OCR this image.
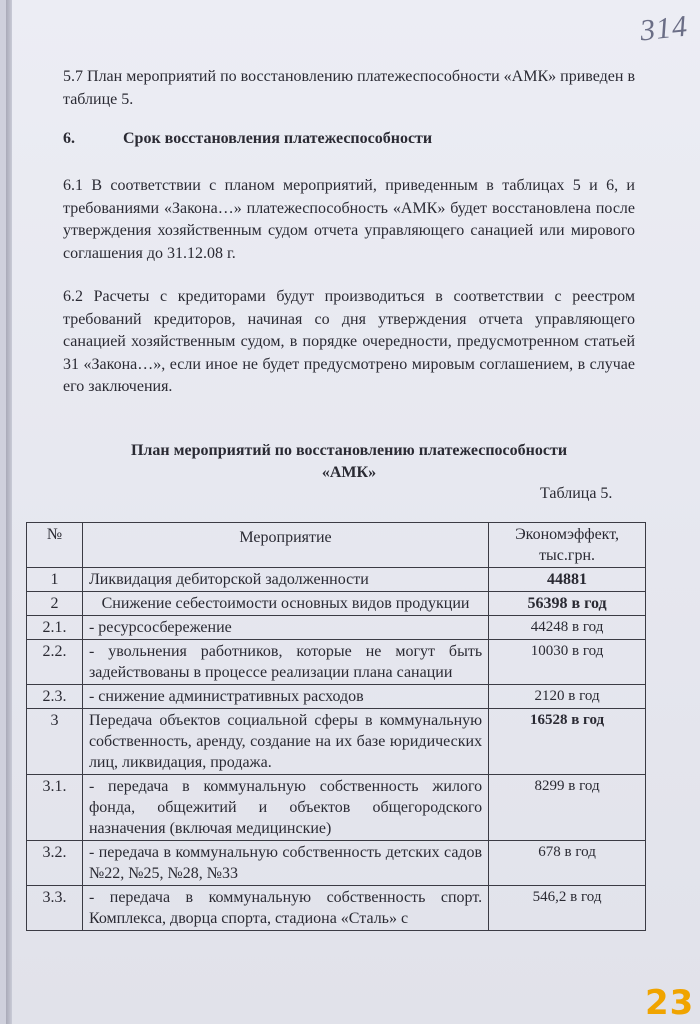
314
5.7 План мероприятий по восстановлению платежеспособности «АМК» приведен в таблице 5.
6.	Срок восстановления платежеспособности
6.1 В соответствии с планом мероприятий, приведенным в таблицах 5 и 6, и требованиями «Закона…» платежеспособность «АМК» будет восстановлена после утверждения хозяйственным судом отчета управляющего санацией или мирового соглашения до 31.12.08 г.
6.2 Расчеты с кредиторами будут производиться в соответствии с реестром требований кредиторов, начиная со дня утверждения отчета управляющего санацией хозяйственным судом, в порядке очередности, предусмотренном статьей 31 «Закона…», если иное не будет предусмотрено мировым соглашением, в случае его заключения.
План мероприятий по восстановлению платежеспособности
«АМК»
Таблица 5.
№	Мероприятие	Экономэффект, тыс.грн.
1	Ликвидация дебиторской задолженности	44881
2	Снижение себестоимости основных видов продукции	56398 в год
2.1.	- ресурсосбережение	44248 в год
2.2.	- увольнения работников, которые не могут быть задействованы в процессе реализации плана санации	10030 в год
2.3.	- снижение административных расходов	2120 в год
3	Передача объектов социальной сферы в коммунальную собственность, аренду, создание на их базе юридических лиц, ликвидация, продажа.	16528 в год
3.1.	- передача в коммунальную собственность жилого фонда, общежитий и объектов общегородского назначения (включая медицинские)	8299 в год
3.2.	- передача в коммунальную собственность детских садов №22, №25, №28, №33	678 в год
3.3.	- передача в коммунальную собственность спорт. Комплекса, дворца спорта, стадиона «Сталь» с	546,2 в год
23
